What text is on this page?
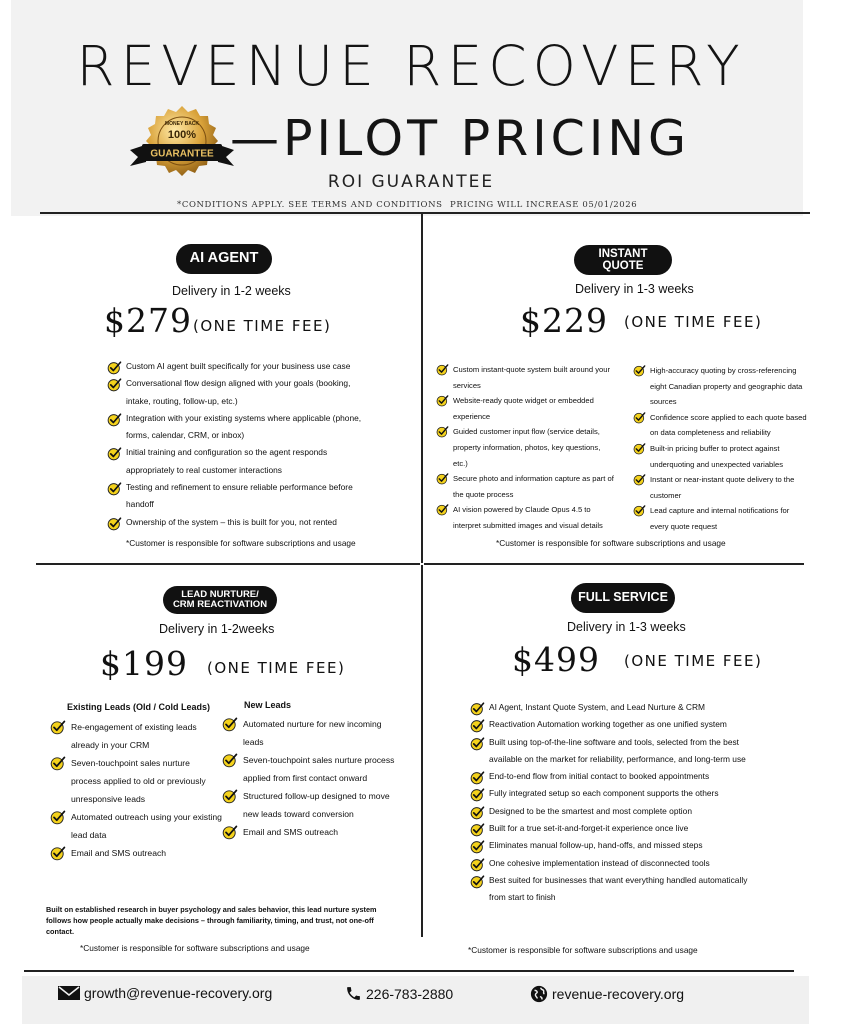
REVENUE RECOVERY
GUARANTEE
100%
MONEY BACK —PILOT PRICING
ROI GUARANTEE
*CONDITIONS APPLY. SEE TERMS AND CONDITIONS PRICING WILL INCREASE 05/01/2026
AI AGENT
Delivery in 1-2 weeks
$279 (ONE TIME FEE)
Custom AI agent built specifically for your business use case
Conversational flow design aligned with your goals (booking, intake, routing, follow-up, etc.)
Integration with your existing systems where applicable (phone, forms, calendar, CRM, or inbox)
Initial training and configuration so the agent responds appropriately to real customer interactions
Testing and refinement to ensure reliable performance before handoff
Ownership of the system – this is built for you, not rented
*Customer is responsible for software subscriptions and usage
INSTANT
QUOTE
Delivery in 1-3 weeks
$229 (ONE TIME FEE)
Custom instant-quote system built around your services
Website-ready quote widget or embedded experience
Guided customer input flow (service details, property information, photos, key questions, etc.)
Secure photo and information capture as part of the quote process
AI vision powered by Claude Opus 4.5 to interpret submitted images and visual details
High-accuracy quoting by cross-referencing eight Canadian property and geographic data sources
Confidence score applied to each quote based on data completeness and reliability
Built-in pricing buffer to protect against underquoting and unexpected variables
Instant or near-instant quote delivery to the customer
Lead capture and internal notifications for every quote request
*Customer is responsible for software subscriptions and usage
LEAD NURTURE/
CRM REACTIVATION
Delivery in 1-2weeks
$199 (ONE TIME FEE)
Existing Leads (Old / Cold Leads)
Re-engagement of existing leads already in your CRM
Seven-touchpoint sales nurture process applied to old or previously unresponsive leads
Automated outreach using your existing lead data
Email and SMS outreach
New Leads
Automated nurture for new incoming leads
Seven-touchpoint sales nurture process applied from first contact onward
Structured follow-up designed to move new leads toward conversion
Email and SMS outreach
Built on established research in buyer psychology and sales behavior, this lead nurture system follows how people actually make decisions – through familiarity, timing, and trust, not one-off contact.
*Customer is responsible for software subscriptions and usage
FULL SERVICE
Delivery in 1-3 weeks
$499 (ONE TIME FEE)
AI Agent, Instant Quote System, and Lead Nurture & CRM
Reactivation Automation working together as one unified system
Built using top-of-the-line software and tools, selected from the best available on the market for reliability, performance, and long-term use
End-to-end flow from initial contact to booked appointments
Fully integrated setup so each component supports the others
Designed to be the smartest and most complete option
Built for a true set-it-and-forget-it experience once live
Eliminates manual follow-up, hand-offs, and missed steps
One cohesive implementation instead of disconnected tools
Best suited for businesses that want everything handled automatically from start to finish
*Customer is responsible for software subscriptions and usage
growth@revenue-recovery.org	226-783-2880	revenue-recovery.org
